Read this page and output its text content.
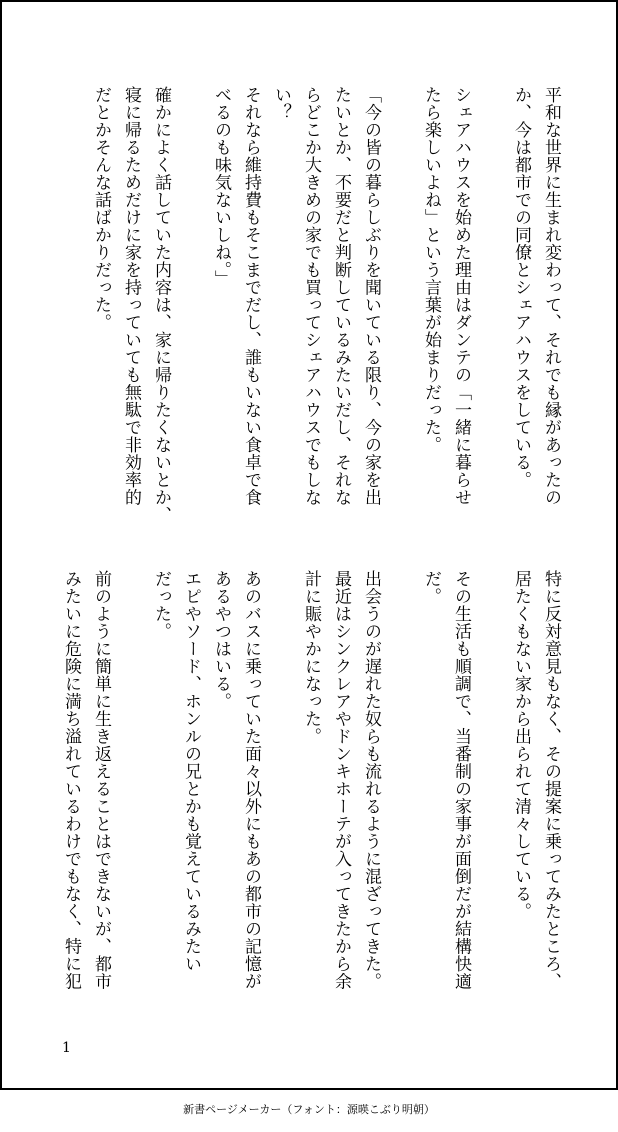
平和な世界に生まれ変わって、それでも縁があったの
か、今は都市での同僚とシェアハウスをしている。

シェアハウスを始めた理由はダンテの「一緒に暮らせ
たら楽しいよね」という言葉が始まりだった。

「今の皆の暮らしぶりを聞いている限り、今の家を出
たいとか、不要だと判断しているみたいだし、それな
らどこか大きめの家でも買ってシェアハウスでもしな
い？
それなら維持費もそこまでだし、誰もいない食卓で食
べるのも味気ないしね。」

確かによく話していた内容は、家に帰りたくないとか、
寝に帰るためだけに家を持っていても無駄で非効率的
だとかそんな話ばかりだった。
特に反対意見もなく、その提案に乗ってみたところ、
居たくもない家から出られて清々している。

その生活も順調で、当番制の家事が面倒だが結構快適
だ。

出会うのが遅れた奴らも流れるように混ざってきた。
最近はシンクレアやドンキホーテが入ってきたから余
計に賑やかになった。

あのバスに乗っていた面々以外にもあの都市の記憶が
あるやつはいる。
エピやソード、ホンルの兄とかも覚えているみたい
だった。

前のように簡単に生き返えることはできないが、都市
みたいに危険に満ち溢れているわけでもなく、特に犯
1
新書ページメーカー（フォント：源暎こぶり明朝）
